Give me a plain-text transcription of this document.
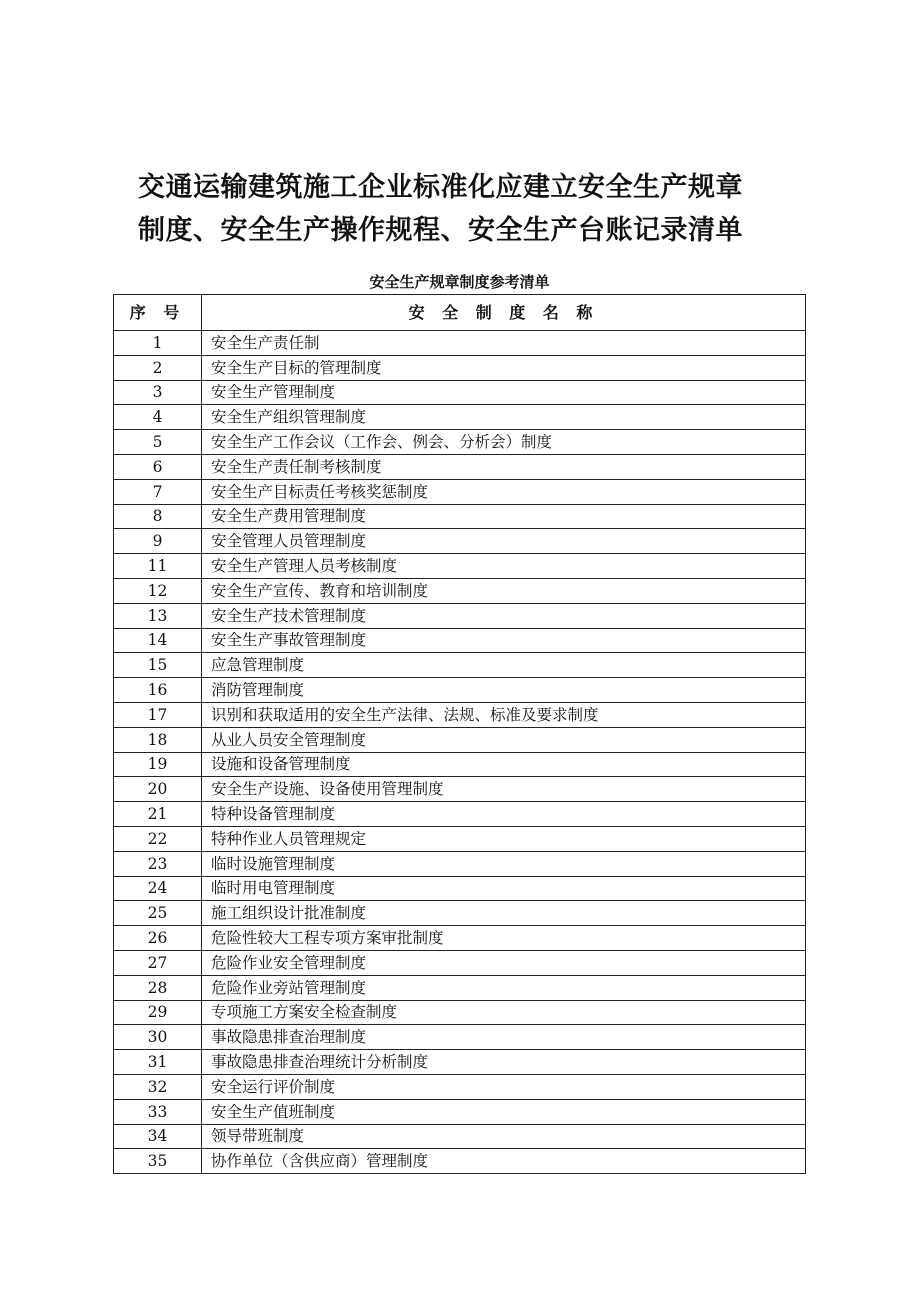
交通运输建筑施工企业标准化应建立安全生产规章
制度、安全生产操作规程、安全生产台账记录清单
安全生产规章制度参考清单
序 号	安 全 制 度 名 称
1	安全生产责任制
2	安全生产目标的管理制度
3	安全生产管理制度
4	安全生产组织管理制度
5	安全生产工作会议（工作会、例会、分析会）制度
6	安全生产责任制考核制度
7	安全生产目标责任考核奖惩制度
8	安全生产费用管理制度
9	安全管理人员管理制度
11	安全生产管理人员考核制度
12	安全生产宣传、教育和培训制度
13	安全生产技术管理制度
14	安全生产事故管理制度
15	应急管理制度
16	消防管理制度
17	识别和获取适用的安全生产法律、法规、标准及要求制度
18	从业人员安全管理制度
19	设施和设备管理制度
20	安全生产设施、设备使用管理制度
21	特种设备管理制度
22	特种作业人员管理规定
23	临时设施管理制度
24	临时用电管理制度
25	施工组织设计批准制度
26	危险性较大工程专项方案审批制度
27	危险作业安全管理制度
28	危险作业旁站管理制度
29	专项施工方案安全检查制度
30	事故隐患排查治理制度
31	事故隐患排查治理统计分析制度
32	安全运行评价制度
33	安全生产值班制度
34	领导带班制度
35	协作单位（含供应商）管理制度
